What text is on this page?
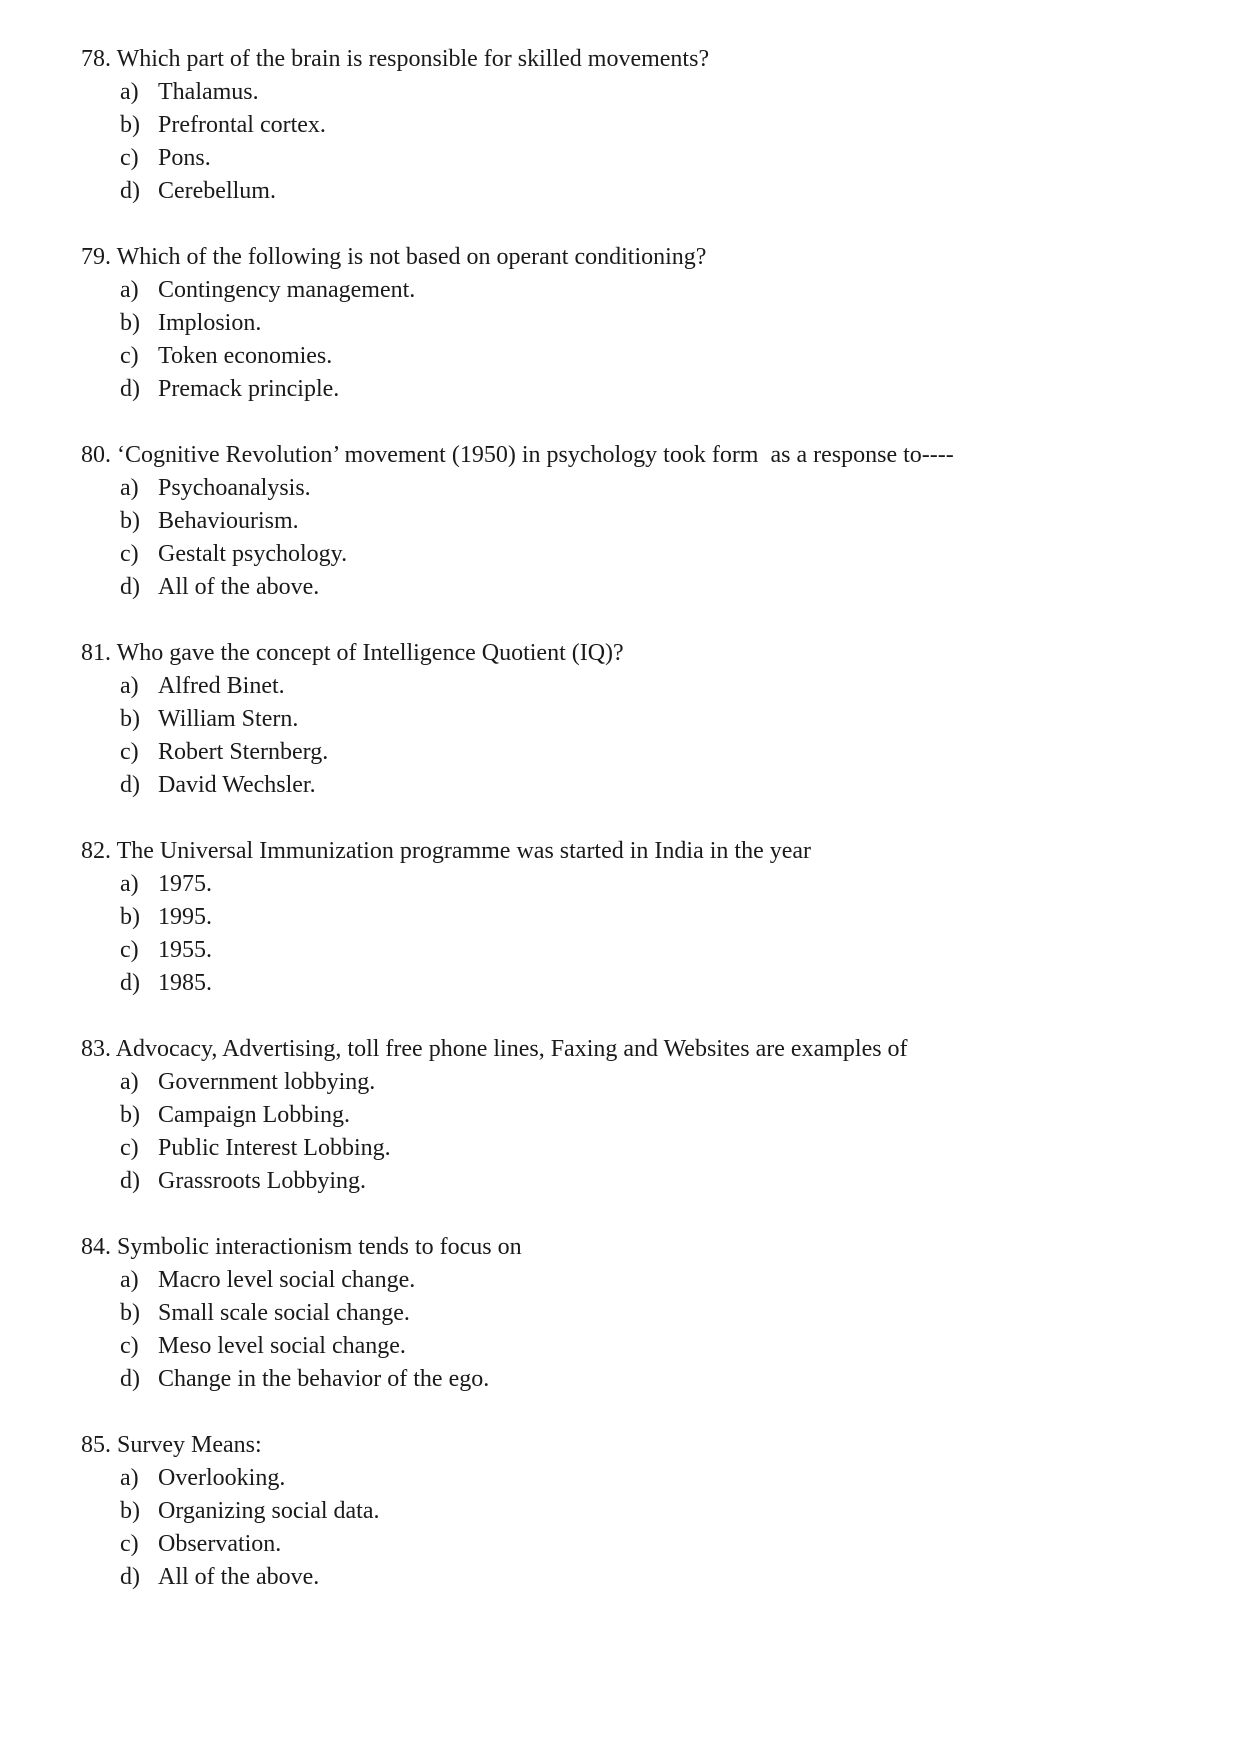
78. Which part of the brain is responsible for skilled movements?
a) Thalamus.
b) Prefrontal cortex.
c) Pons.
d) Cerebellum.
79. Which of the following is not based on operant conditioning?
a) Contingency management.
b) Implosion.
c) Token economies.
d) Premack principle.
80. ‘Cognitive Revolution’ movement (1950) in psychology took form  as a response to----
a) Psychoanalysis.
b) Behaviourism.
c) Gestalt psychology.
d) All of the above.
81. Who gave the concept of Intelligence Quotient (IQ)?
a) Alfred Binet.
b) William Stern.
c) Robert Sternberg.
d) David Wechsler.
82. The Universal Immunization programme was started in India in the year
a) 1975.
b) 1995.
c) 1955.
d) 1985.
83. Advocacy, Advertising, toll free phone lines, Faxing and Websites are examples of
a) Government lobbying.
b) Campaign Lobbing.
c) Public Interest Lobbing.
d) Grassroots Lobbying.
84. Symbolic interactionism tends to focus on
a) Macro level social change.
b) Small scale social change.
c) Meso level social change.
d) Change in the behavior of the ego.
85. Survey Means:
a) Overlooking.
b) Organizing social data.
c) Observation.
d) All of the above.
